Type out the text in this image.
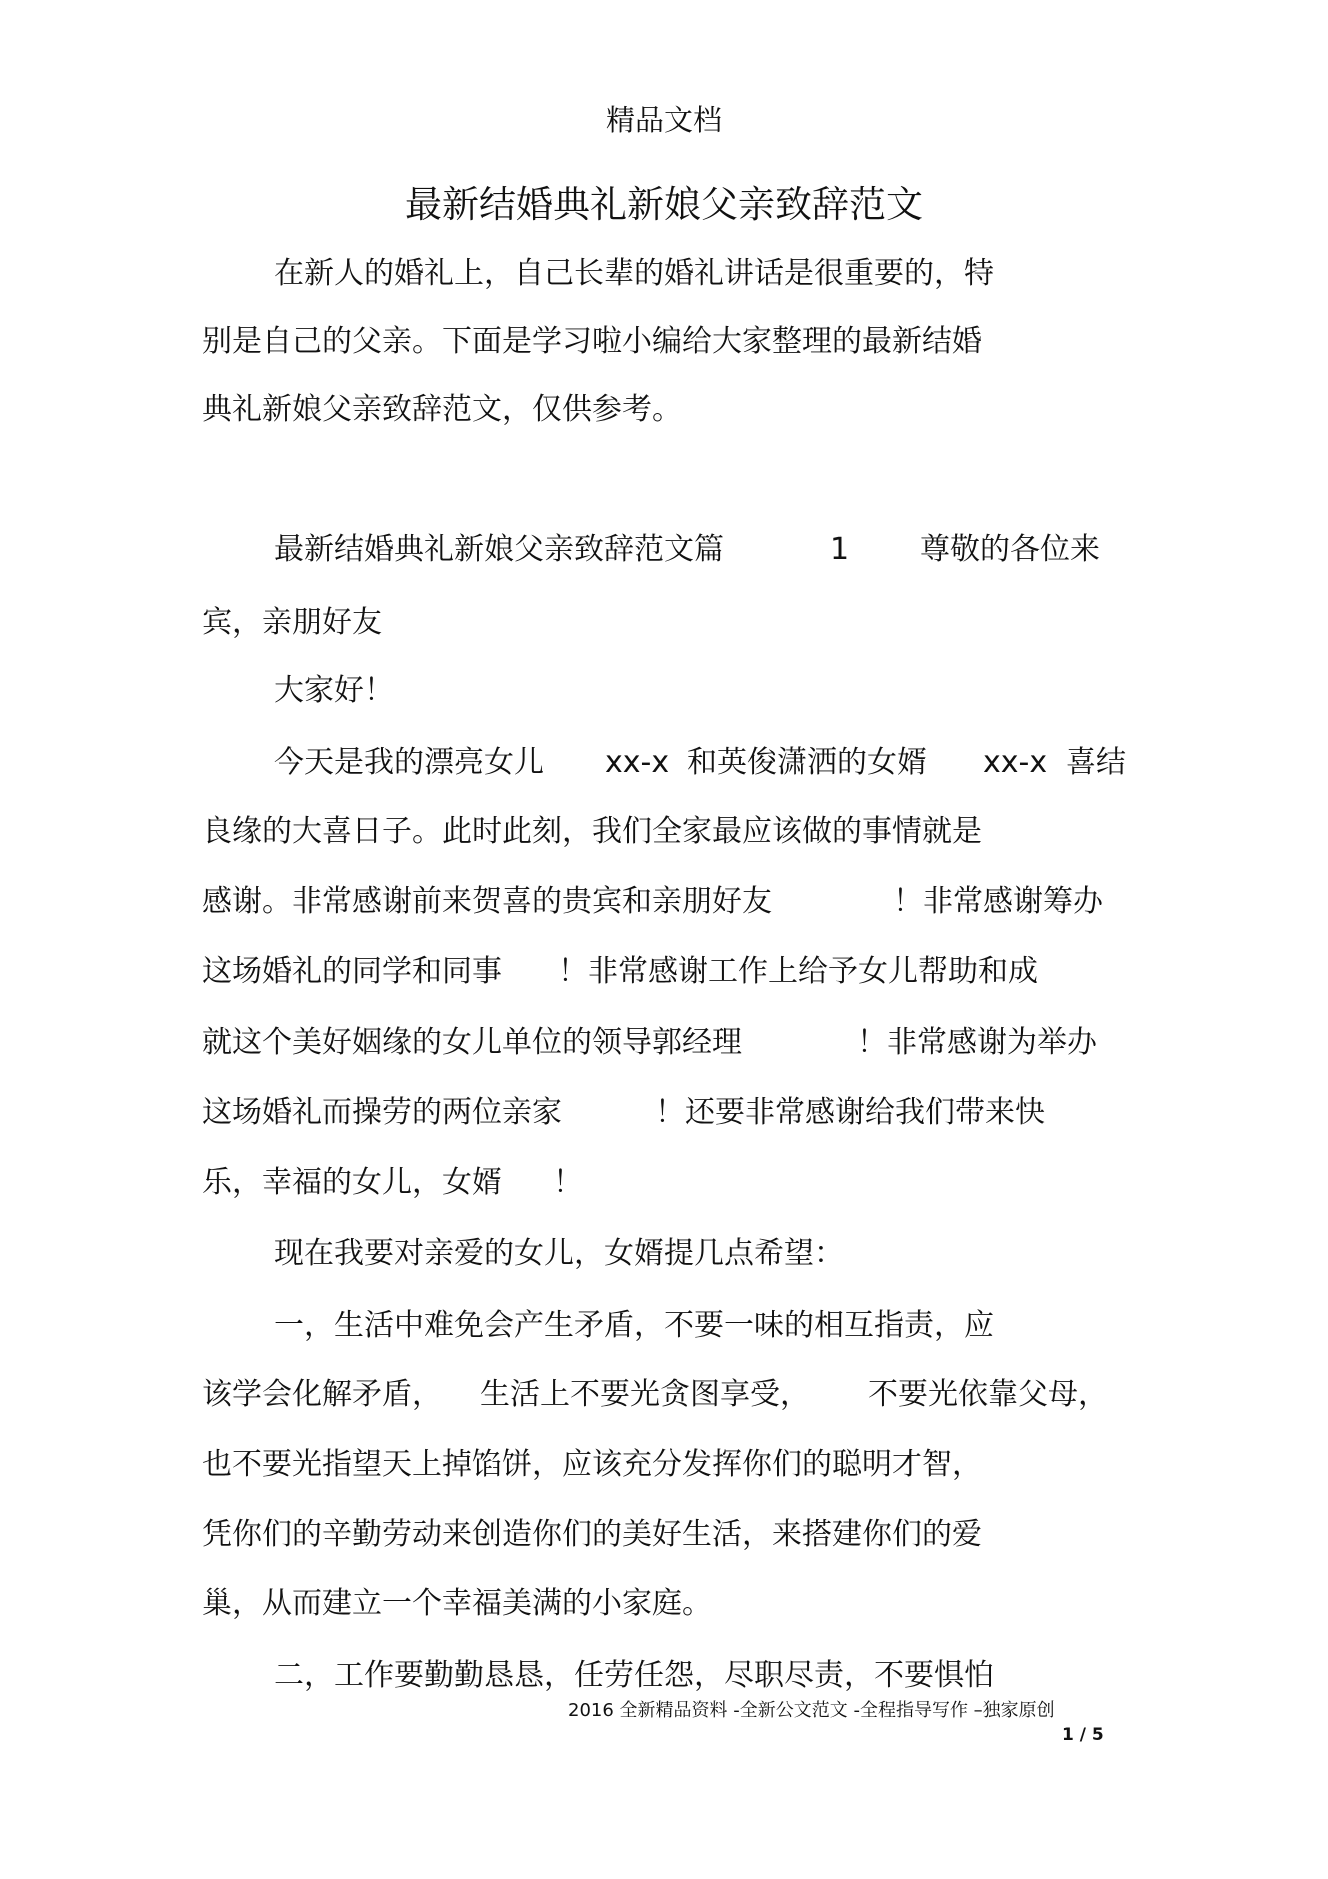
精品文档
最新结婚典礼新娘父亲致辞范文
在新人的婚礼上，自己长辈的婚礼讲话是很重要的，特
别是自己的父亲。下面是学习啦小编给大家整理的最新结婚
典礼新娘父亲致辞范文，仅供参考。
最新结婚典礼新娘父亲致辞范文篇	1 尊敬的各位来
宾，亲朋好友
大家好！
今天是我的漂亮女儿 xx-x 和英俊潇洒的女婿 xx-x 喜结
良缘的大喜日子。此时此刻，我们全家最应该做的事情就是
感谢。非常感谢前来贺喜的贵宾和亲朋好友	！非常感谢筹办
这场婚礼的同学和同事 ！非常感谢工作上给予女儿帮助和成
就这个美好姻缘的女儿单位的领导郭经理	！非常感谢为举办
这场婚礼而操劳的两位亲家	！还要非常感谢给我们带来快
乐，幸福的女儿，女婿 ！
现在我要对亲爱的女儿，女婿提几点希望：
一，生活中难免会产生矛盾，不要一味的相互指责，应
该学会化解矛盾， 生活上不要光贪图享受， 不要光依靠父母，
也不要光指望天上掉馅饼，应该充分发挥你们的聪明才智，
凭你们的辛勤劳动来创造你们的美好生活，来搭建你们的爱
巢，从而建立一个幸福美满的小家庭。
二，工作要勤勤恳恳，任劳任怨，尽职尽责，不要惧怕
2016 全新精品资料 -全新公文范文 -全程指导写作 –独家原创
1 / 5
